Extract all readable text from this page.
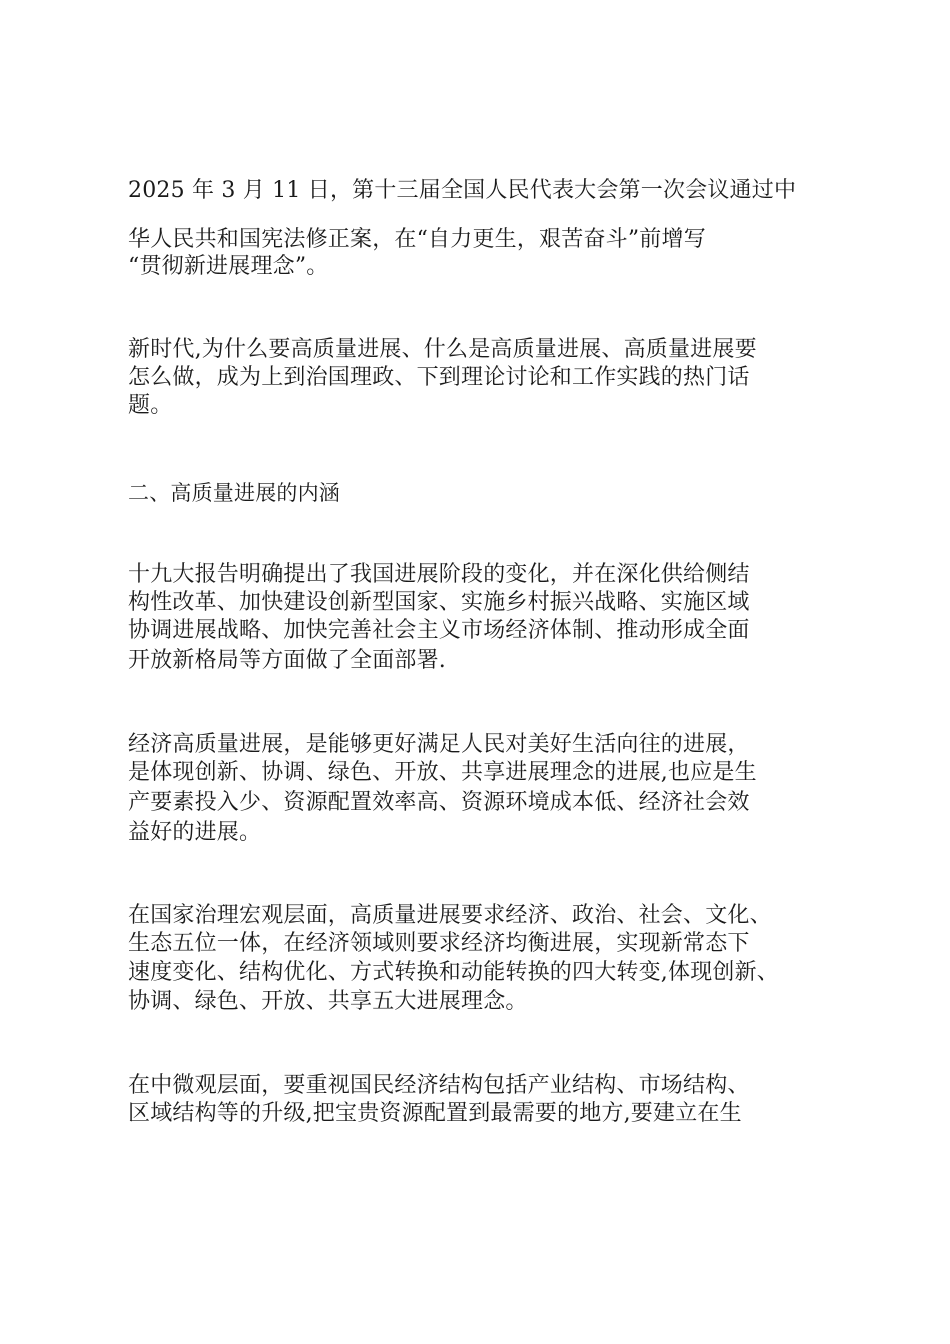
2025 年 3 月 11 日，第十三届全国人民代表大会第一次会议通过中
华人民共和国宪法修正案，在“自力更生，艰苦奋斗”前增写
“贯彻新进展理念”。
新时代,为什么要高质量进展、什么是高质量进展、高质量进展要
怎么做，成为上到治国理政、下到理论讨论和工作实践的热门话
题。
二、高质量进展的内涵
十九大报告明确提出了我国进展阶段的变化，并在深化供给侧结
构性改革、加快建设创新型国家、实施乡村振兴战略、实施区域
协调进展战略、加快完善社会主义市场经济体制、推动形成全面
开放新格局等方面做了全面部署.
经济高质量进展，是能够更好满足人民对美好生活向往的进展，
是体现创新、协调、绿色、开放、共享进展理念的进展,也应是生
产要素投入少、资源配置效率高、资源环境成本低、经济社会效
益好的进展。
在国家治理宏观层面，高质量进展要求经济、政治、社会、文化、
生态五位一体，在经济领域则要求经济均衡进展，实现新常态下
速度变化、结构优化、方式转换和动能转换的四大转变,体现创新、
协调、绿色、开放、共享五大进展理念。
在中微观层面，要重视国民经济结构包括产业结构、市场结构、
区域结构等的升级,把宝贵资源配置到最需要的地方,要建立在生
